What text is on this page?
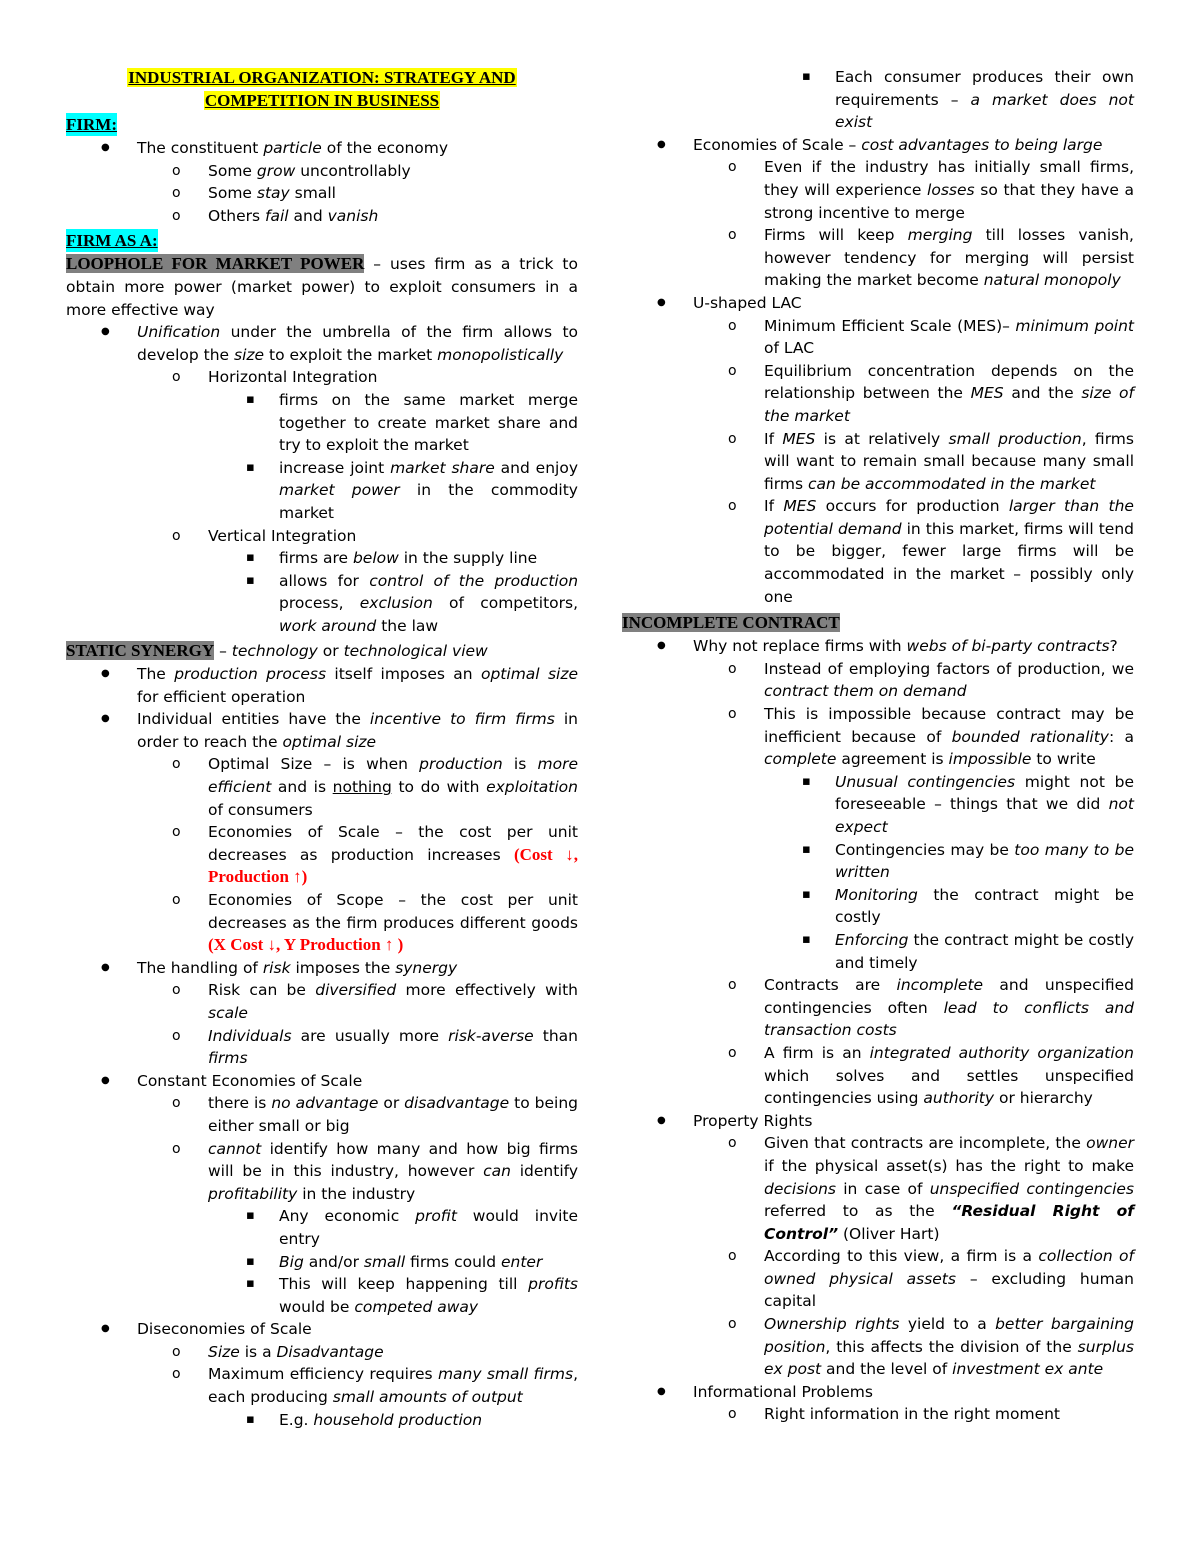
INDUSTRIAL ORGANIZATION: STRATEGY AND
COMPETITION IN BUSINESS

FIRM:

● The constituent particle of the economy
o Some grow uncontrollably
o Some stay small
o Others fail and vanish

FIRM AS A:

LOOPHOLE FOR MARKET POWER – uses firm as a trick to obtain more power (market power) to exploit consumers in a more effective way

● Unification under the umbrella of the firm allows to develop the size to exploit the market monopolistically
o Horizontal Integration
▪ firms on the same market merge together to create market share and try to exploit the market
▪ increase joint market share and enjoy market power in the commodity market
o Vertical Integration
▪ firms are below in the supply line
▪ allows for control of the production process, exclusion of competitors, work around the law

STATIC SYNERGY – technology or technological view

● The production process itself imposes an optimal size for efficient operation
● Individual entities have the incentive to firm firms in order to reach the optimal size
o Optimal Size – is when production is more efficient and is nothing to do with exploitation of consumers
o Economies of Scale – the cost per unit decreases as production increases (Cost ↓, Production ↑)
o Economies of Scope – the cost per unit decreases as the firm produces different goods (X Cost ↓, Y Production ↑ )
● The handling of risk imposes the synergy
o Risk can be diversified more effectively with scale
o Individuals are usually more risk-averse than firms
● Constant Economies of Scale
o there is no advantage or disadvantage to being either small or big
o cannot identify how many and how big firms will be in this industry, however can identify profitability in the industry
▪ Any economic profit would invite entry
▪ Big and/or small firms could enter
▪ This will keep happening till profits would be competed away
● Diseconomies of Scale
o Size is a Disadvantage
o Maximum efficiency requires many small firms, each producing small amounts of output
▪ E.g. household production
▪ Each consumer produces their own requirements – a market does not exist
● Economies of Scale – cost advantages to being large
o Even if the industry has initially small firms, they will experience losses so that they have a strong incentive to merge
o Firms will keep merging till losses vanish, however tendency for merging will persist making the market become natural monopoly
● U-shaped LAC
o Minimum Efficient Scale (MES)– minimum point of LAC
o Equilibrium concentration depends on the relationship between the MES and the size of the market
o If MES is at relatively small production, firms will want to remain small because many small firms can be accommodated in the market
o If MES occurs for production larger than the potential demand in this market, firms will tend to be bigger, fewer large firms will be accommodated in the market – possibly only one

INCOMPLETE CONTRACT

● Why not replace firms with webs of bi-party contracts?
o Instead of employing factors of production, we contract them on demand
o This is impossible because contract may be inefficient because of bounded rationality: a complete agreement is impossible to write
▪ Unusual contingencies might not be foreseeable – things that we did not expect
▪ Contingencies may be too many to be written
▪ Monitoring the contract might be costly
▪ Enforcing the contract might be costly and timely
o Contracts are incomplete and unspecified contingencies often lead to conflicts and transaction costs
o A firm is an integrated authority organization which solves and settles unspecified contingencies using authority or hierarchy
● Property Rights
o Given that contracts are incomplete, the owner if the physical asset(s) has the right to make decisions in case of unspecified contingencies referred to as the “Residual Right of Control” (Oliver Hart)
o According to this view, a firm is a collection of owned physical assets – excluding human capital
o Ownership rights yield to a better bargaining position, this affects the division of the surplus ex post and the level of investment ex ante
● Informational Problems
o Right information in the right moment
